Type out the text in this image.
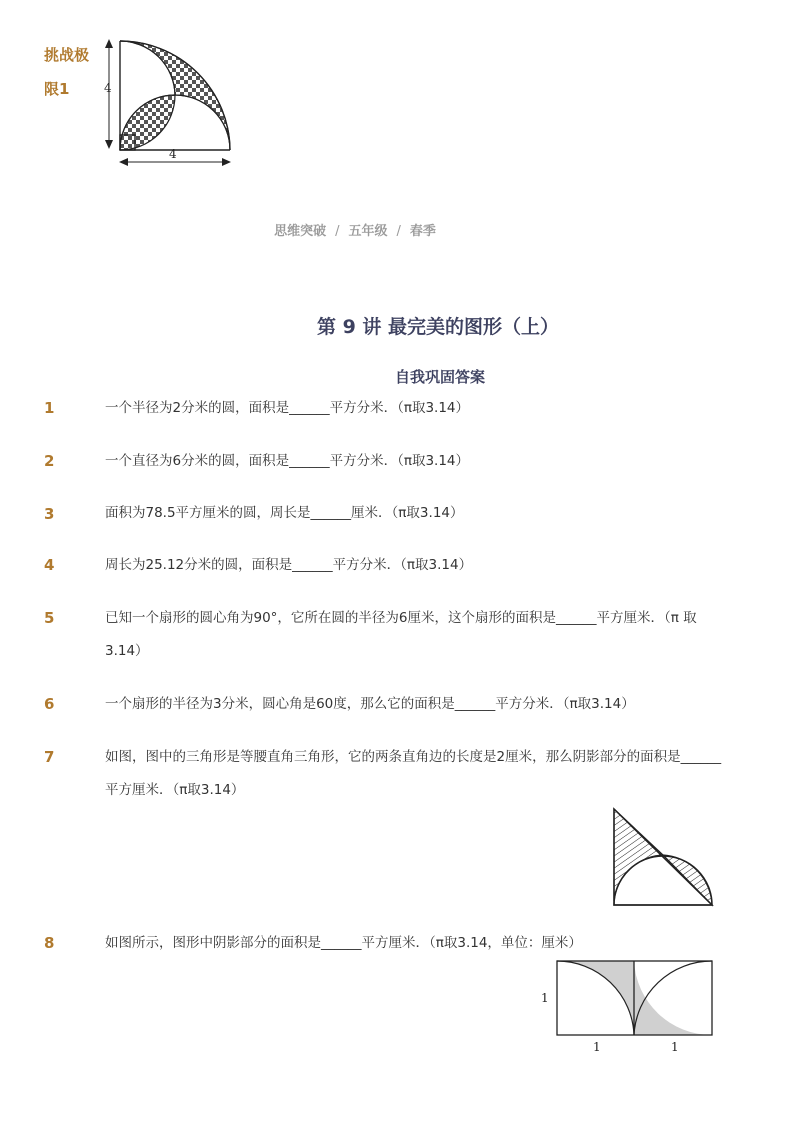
挑战极
限1	4
4
思维突破 / 五年级 / 春季
第 9 讲 最完美的图形（上）
自我巩固答案
1	一个半径为2分米的圆，面积是______平方分米．（π取3.14）
2	一个直径为6分米的圆，面积是______平方分米．（π取3.14）
3	面积为78.5平方厘米的圆，周长是______厘米．（π取3.14）
4	周长为25.12分米的圆，面积是______平方分米．（π取3.14）
5	已知一个扇形的圆心角为90°，它所在圆的半径为6厘米，这个扇形的面积是______平方厘米．（π 取3.14）
6	一个扇形的半径为3分米，圆心角是60度，那么它的面积是______平方分米．（π取3.14）
7	如图，图中的三角形是等腰直角三角形，它的两条直角边的长度是2厘米，那么阴影部分的面积是______平方厘米．（π取3.14）
8	如图所示，图形中阴影部分的面积是______平方厘米．（π取3.14，单位：厘米）
1
1	1
